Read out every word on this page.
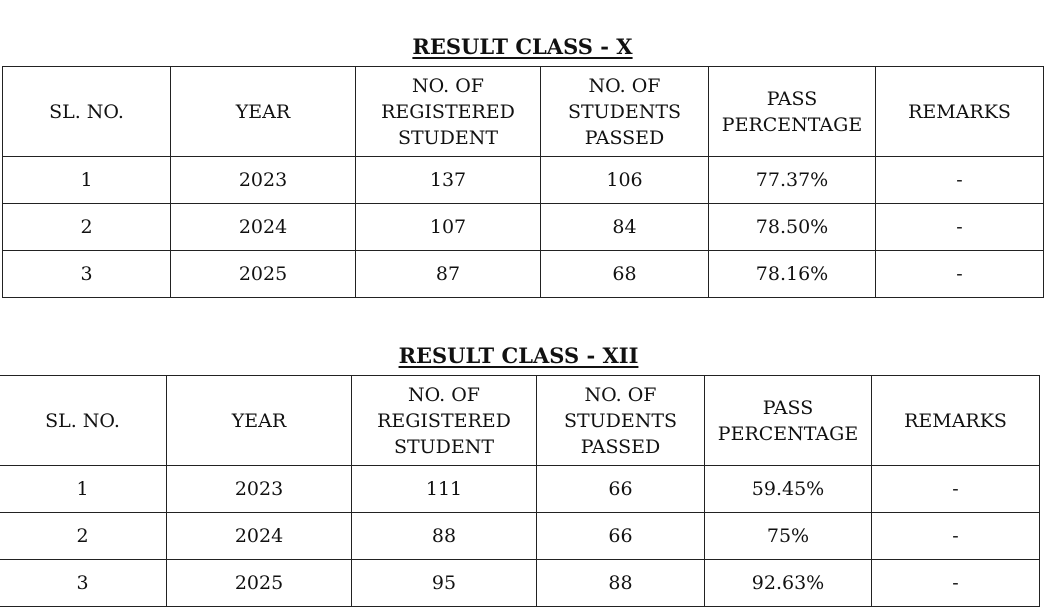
RESULT CLASS - X
SL. NO.	YEAR	NO. OF REGISTERED STUDENT	NO. OF STUDENTS PASSED	PASS PERCENTAGE	REMARKS
1	2023	137	106	77.37%	-
2	2024	107	84	78.50%	-
3	2025	87	68	78.16%	-
RESULT CLASS - XII
SL. NO.	YEAR	NO. OF REGISTERED STUDENT	NO. OF STUDENTS PASSED	PASS PERCENTAGE	REMARKS
1	2023	111	66	59.45%	-
2	2024	88	66	75%	-
3	2025	95	88	92.63%	-
